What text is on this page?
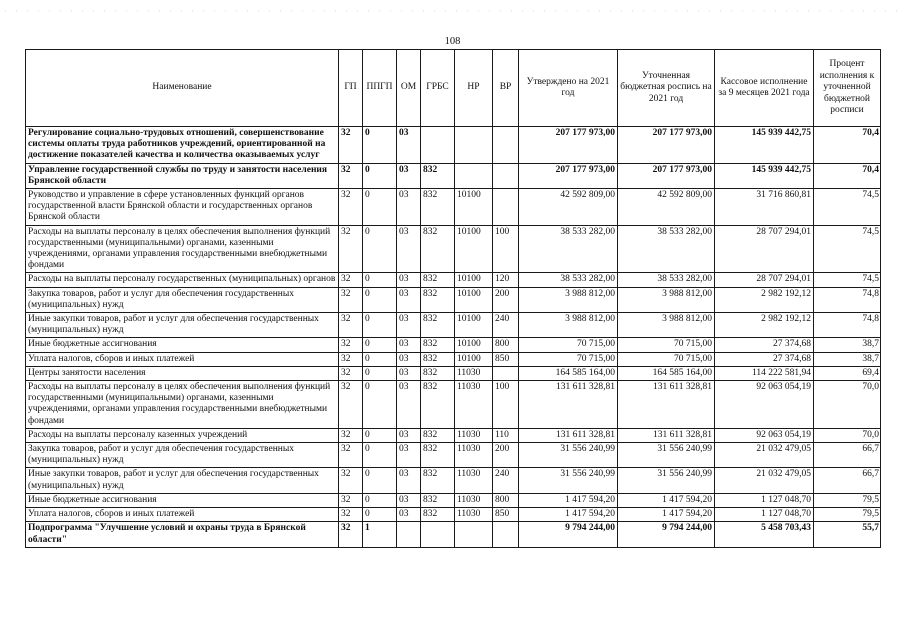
108
Наименование	ГП	ППГП	ОМ	ГРБС	НР	ВР	Утверждено на 2021 год	Уточненная бюджетная роспись на 2021 год	Кассовое исполнение за 9 месяцев 2021 года	Процент исполнения к уточненной бюджетной росписи
Регулирование социально-трудовых отношений, совершенствование системы оплаты труда работников учреждений, ориентированной на достижение показателей качества и количества оказываемых услуг	32	0	03				207 177 973,00	207 177 973,00	145 939 442,75	70,4
Управление государственной службы по труду и занятости населения Брянской области	32	0	03	832			207 177 973,00	207 177 973,00	145 939 442,75	70,4
Руководство и управление в сфере установленных функций органов государственной власти Брянской области и государственных органов Брянской области	32	0	03	832	10100		42 592 809,00	42 592 809,00	31 716 860,81	74,5
Расходы на выплаты персоналу в целях обеспечения выполнения функций государственными (муниципальными) органами, казенными учреждениями, органами управления государственными внебюджетными фондами	32	0	03	832	10100	100	38 533 282,00	38 533 282,00	28 707 294,01	74,5
Расходы на выплаты персоналу государственных (муниципальных) органов	32	0	03	832	10100	120	38 533 282,00	38 533 282,00	28 707 294,01	74,5
Закупка товаров, работ и услуг для обеспечения государственных (муниципальных) нужд	32	0	03	832	10100	200	3 988 812,00	3 988 812,00	2 982 192,12	74,8
Иные закупки товаров, работ и услуг для обеспечения государственных (муниципальных) нужд	32	0	03	832	10100	240	3 988 812,00	3 988 812,00	2 982 192,12	74,8
Иные бюджетные ассигнования	32	0	03	832	10100	800	70 715,00	70 715,00	27 374,68	38,7
Уплата налогов, сборов и иных платежей	32	0	03	832	10100	850	70 715,00	70 715,00	27 374,68	38,7
Центры занятости населения	32	0	03	832	11030		164 585 164,00	164 585 164,00	114 222 581,94	69,4
Расходы на выплаты персоналу в целях обеспечения выполнения функций государственными (муниципальными) органами, казенными учреждениями, органами управления государственными внебюджетными фондами	32	0	03	832	11030	100	131 611 328,81	131 611 328,81	92 063 054,19	70,0
Расходы на выплаты персоналу казенных учреждений	32	0	03	832	11030	110	131 611 328,81	131 611 328,81	92 063 054,19	70,0
Закупка товаров, работ и услуг для обеспечения государственных (муниципальных) нужд	32	0	03	832	11030	200	31 556 240,99	31 556 240,99	21 032 479,05	66,7
Иные закупки товаров, работ и услуг для обеспечения государственных (муниципальных) нужд	32	0	03	832	11030	240	31 556 240,99	31 556 240,99	21 032 479,05	66,7
Иные бюджетные ассигнования	32	0	03	832	11030	800	1 417 594,20	1 417 594,20	1 127 048,70	79,5
Уплата налогов, сборов и иных платежей	32	0	03	832	11030	850	1 417 594,20	1 417 594,20	1 127 048,70	79,5
Подпрограмма "Улучшение условий и охраны труда в Брянской области"	32	1					9 794 244,00	9 794 244,00	5 458 703,43	55,7
